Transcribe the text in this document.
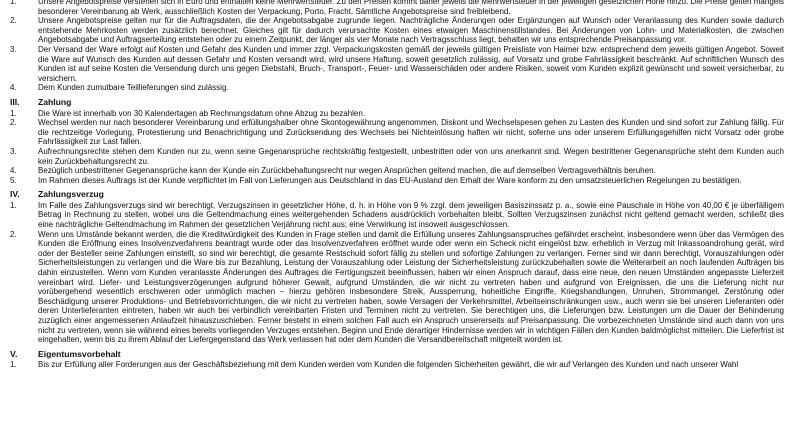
1.	Unsere Angebotspreise verstehen sich in Euro und enthalten keine Mehrwertsteuer. Zu den Preisen kommt daher jeweils die Mehrwertsteuer in der jeweiligen gesetzlichen Höhe hinzu. Die Preise gelten mangels besonderer Vereinbarung ab Werk, ausschließlich Kosten der Verpackung, Porto, Fracht. Sämtliche Angebotspreise sind freibleibend.
2.	Unsere Angebotspreise gelten nur für die Auftragsdaten, die der Angebotsabgabe zugrunde liegen. Nachträgliche Änderungen oder Ergänzungen auf Wunsch oder Veranlassung des Kunden sowie dadurch entstehende Mehrkosten werden zusätzlich berechnet. Gleiches gilt für dadurch verursachte Kosten eines etwaigen Maschinenstillstandes. Bei Änderungen von Lohn- und Materialkosten, die zwischen Angebotsabgabe und Auftragserteilung entstehen oder zu einem Zeitpunkt, der länger als vier Monate nach Vertragsschluss liegt, behalten wir uns entsprechende Preisanpassung vor.
3.	Der Versand der Ware erfolgt auf Kosten und Gefahr des Kunden und immer zzgl. Verpackungskosten gemäß der jeweils gültigen Preisliste von Haimer bzw. entsprechend dem jeweils gültigen Angebot. Soweit die Ware auf Wunsch des Kunden auf dessen Gefahr und Kosten versandt wird, wird unsere Haftung, soweit gesetzlich zulässig, auf Vorsatz und grobe Fahrlässigkeit beschränkt. Auf schriftlichen Wunsch des Kunden ist auf seine Kosten die Versendung durch uns gegen Diebstahl, Bruch-, Transport-, Feuer- und Wasserschäden oder andere Risiken, soweit vom Kunden explizit gewünscht und soweit versicherbar, zu versichern.
4.	Dem Kunden zumutbare Teillieferungen sind zulässig.
III.	Zahlung
1.	Die Ware ist innerhalb von 30 Kalendertagen ab Rechnungsdatum ohne Abzug zu bezahlen.
2.	Wechsel werden nur nach besonderer Vereinbarung und erfüllungshalber ohne Skontogewährung angenommen. Diskont und Wechselspesen gehen zu Lasten des Kunden und sind sofort zur Zahlung fällig. Für die rechtzeitige Vorlegung, Protestierung und Benachrichtigung und Zurücksendung des Wechsels bei Nichteinlösung haften wir nicht, soferne uns oder unserem Erfüllungsgehilfen nicht Vorsatz oder grobe Fahrlässigkeit zur Last fallen.
3.	Aufrechnungsrechte stehen dem Kunden nur zu, wenn seine Gegenansprüche rechtskräftig festgestellt, unbestritten oder von uns anerkannt sind. Wegen bestrittener Gegenansprüche steht dem Kunden auch kein Zurückbehaltungsrecht zu.
4.	Bezüglich unbestrittener Gegenansprüche kann der Kunde ein Zurückbehaltungsrecht nur wegen Ansprüchen geltend machen, die auf demselben Vertragsverhältnis beruhen.
5.	Im Rahmen dieses Auftrags ist der Kunde verpflichtet im Fall von Lieferungen aus Deutschland in das EU-Ausland den Erhalt der Ware konform zu den umsatzsteuerlichen Regelungen zu bestätigen.
IV.	Zahlungsverzug
1.	Im Falle des Zahlungsverzugs sind wir berechtigt, Verzugszinsen in gesetzlicher Höhe, d. h. in Höhe von 9 % zzgl. dem jeweiligen Basiszinssatz p. a., sowie eine Pauschale in Höhe von 40,00 € je überfälligem Betrag in Rechnung zu stellen, wobei uns die Geltendmachung eines weitergehenden Schadens ausdrücklich vorbehalten bleibt. Sollten Verzugszinsen zunächst nicht geltend gemacht werden, schließt dies eine nachträgliche Geltendmachung im Rahmen der gesetzlichen Verjährung nicht aus; eine Verwirkung ist insoweit ausgeschlossen.
2.	Wenn uns Umstände bekannt werden, die die Kreditwürdigkeit des Kunden in Frage stellen und damit die Erfüllung unseres Zahlungsanspruches gefährdet erscheint, insbesondere wenn über das Vermögen des Kunden die Eröffnung eines Insolvenzverfahrens beantragt wurde oder das Insolvenzverfahren eröffnet wurde oder wenn ein Scheck nicht eingelöst bzw. erheblich in Verzug mit Inkassoandrohung gerät, wird oder der Besteller seine Zahlungen einstellt, so sind wir berechtigt, die gesamte Restschuld sofort fällig zu stellen und sofortige Zahlungen zu verlangen. Ferner sind wir dann berechtigt, Vorauszahlungen oder Sicherheitsleistungen zu verlangen und die Ware bis zur Bezahlung, Leistung der Vorauszahlung oder Leistung der Sicherheitsleistung zurückzubehalten sowie die Weiterarbeit an noch laufenden Aufträgen bis dahin einzustellen. Wenn vom Kunden veranlasste Änderungen des Auftrages die Fertigungszeit beeinflussen, haben wir einen Anspruch darauf, dass eine neue, den neuen Umständen angepasste Lieferzeit vereinbart wird. Liefer- und Leistungsverzögerungen aufgrund höherer Gewalt, aufgrund Umständen, die wir nicht zu vertreten haben und aufgrund von Ereignissen, die uns die Lieferung nicht nur vorübergehend wesentlich erschweren oder unmöglich machen – hierzu gehören insbesondere Streik, Aussperrung, hoheitliche Eingriffe, Kriegshandlungen, Unruhen, Strommangel, Zerstörung oder Beschädigung unserer Produktions- und Betriebsvorrichtungen, die wir nicht zu vertreten haben, sowie Versagen der Verkehrsmittel, Arbeitseinschränkungen usw., auch wenn sie bei unseren Lieferanten oder deren Unterlieferanten eintreten, haben wir auch bei verbindlich vereinbarten Fristen und Terminen nicht zu vertreten. Sie berechtigen uns, die Lieferungen bzw. Leistungen um die Dauer der Behinderung zuzüglich einer angemessenen Anlaufzeit hinauszuschieben. Ferner besteht in einem solchen Fall auch ein Anspruch unsererseits auf Preisanpassung. Die vorbezeichneten Umstände sind auch dann von uns nicht zu vertreten, wenn sie während eines bereits vorliegenden Verzuges entstehen. Beginn und Ende derartiger Hindernisse werden wir in wichtigen Fällen den Kunden baldmöglichst mitteilen. Die Lieferfrist ist eingehalten, wenn bis zu ihrem Ablauf der Liefergegenstand das Werk verlassen hat oder dem Kunden die Versandbereitschaft mitgeteilt worden ist.
V.	Eigentumsvorbehalt
1.	Bis zur Erfüllung aller Forderungen aus der Geschäftsbeziehung mit dem Kunden werden vom Kunden die folgenden Sicherheiten gewährt, die wir auf Verlangen des Kunden und nach unserer Wahl
